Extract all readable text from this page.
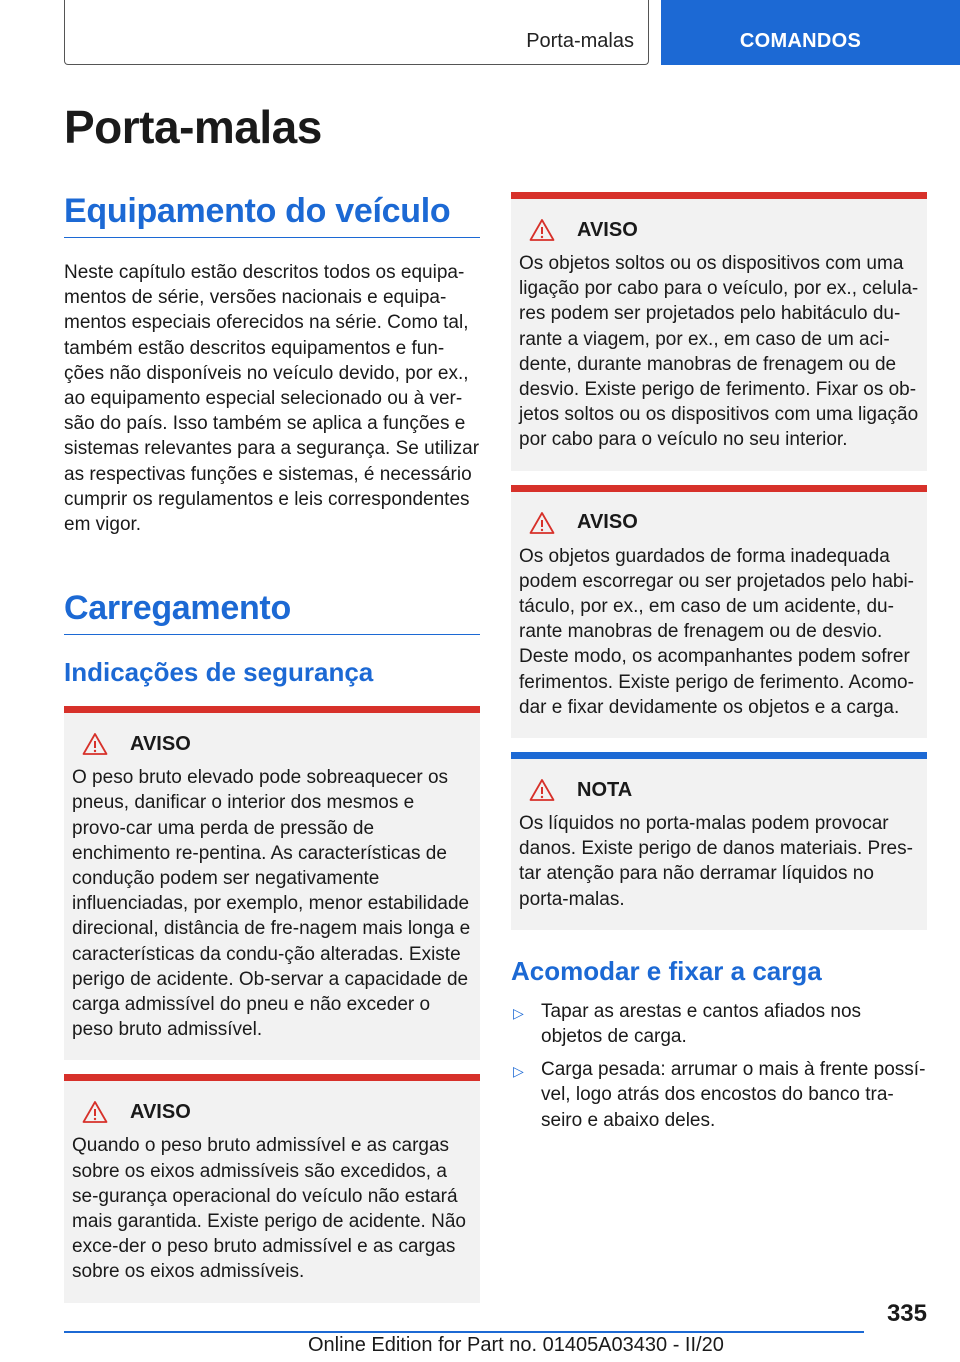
Porta-malas	COMANDOS
Porta-malas
Equipamento do veículo

Neste capítulo estão descritos todos os equipa-mentos de série, versões nacionais e equipa-mentos especiais oferecidos na série. Como tal, também estão descritos equipamentos e fun-ções não disponíveis no veículo devido, por ex., ao equipamento especial selecionado ou à ver-são do país. Isso também se aplica a funções e sistemas relevantes para a segurança. Se utilizar as respectivas funções e sistemas, é necessário cumprir os regulamentos e leis correspondentes em vigor.

Carregamento
Indicações de segurança
AVISO
O peso bruto elevado pode sobreaquecer os pneus, danificar o interior dos mesmos e provo-car uma perda de pressão de enchimento re-pentina. As características de condução podem ser negativamente influenciadas, por exemplo, menor estabilidade direcional, distância de fre-nagem mais longa e características da condu-ção alteradas. Existe perigo de acidente. Ob-servar a capacidade de carga admissível do pneu e não exceder o peso bruto admissível.
AVISO
Quando o peso bruto admissível e as cargas sobre os eixos admissíveis são excedidos, a se-gurança operacional do veículo não estará mais garantida. Existe perigo de acidente. Não exce-der o peso bruto admissível e as cargas sobre os eixos admissíveis.
AVISO
Os objetos soltos ou os dispositivos com uma ligação por cabo para o veículo, por ex., celula-res podem ser projetados pelo habitáculo du-rante a viagem, por ex., em caso de um aci-dente, durante manobras de frenagem ou de desvio. Existe perigo de ferimento. Fixar os ob-jetos soltos ou os dispositivos com uma ligação por cabo para o veículo no seu interior.
AVISO
Os objetos guardados de forma inadequada podem escorregar ou ser projetados pelo habi-táculo, por ex., em caso de um acidente, du-rante manobras de frenagem ou de desvio. Deste modo, os acompanhantes podem sofrer ferimentos. Existe perigo de ferimento. Acomo-dar e fixar devidamente os objetos e a carga.
NOTA
Os líquidos no porta-malas podem provocar danos. Existe perigo de danos materiais. Pres-tar atenção para não derramar líquidos no porta-malas.
Acomodar e fixar a carga
▷ Tapar as arestas e cantos afiados nos objetos de carga.
▷ Carga pesada: arrumar o mais à frente possí-vel, logo atrás dos encostos do banco tra-seiro e abaixo deles.
335
Online Edition for Part no. 01405A03430 - II/20
